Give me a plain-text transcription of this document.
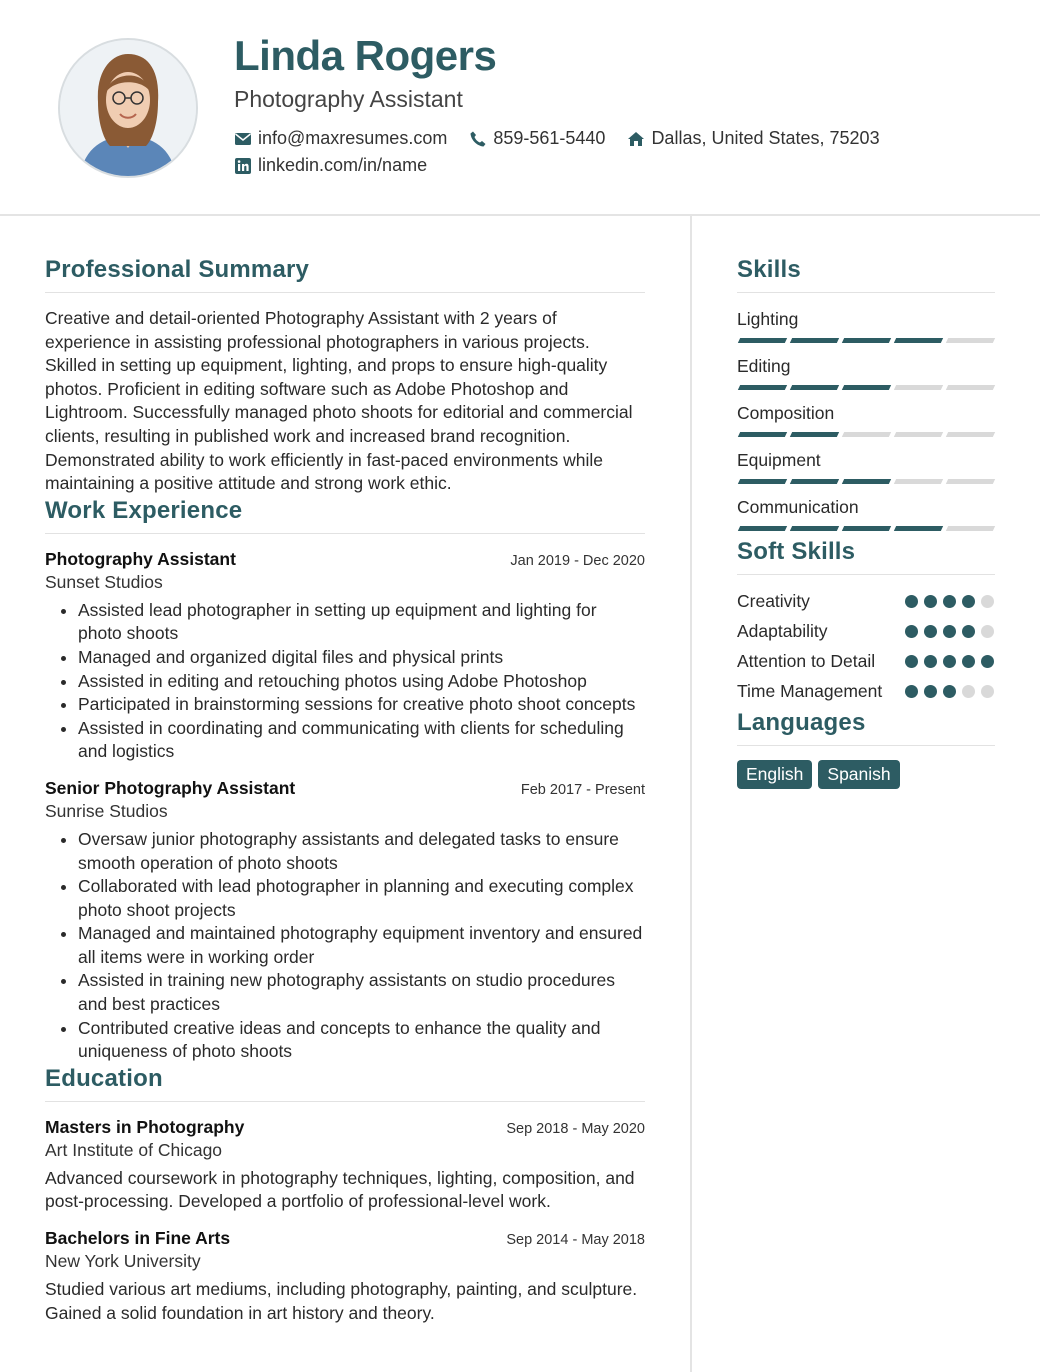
Linda Rogers
Photography Assistant
info@maxresumes.com	859-561-5440	Dallas, United States, 75203
linkedin.com/in/name
Professional Summary

Creative and detail-oriented Photography Assistant with 2 years of experience in assisting professional photographers in various projects. Skilled in setting up equipment, lighting, and props to ensure high-quality photos. Proficient in editing software such as Adobe Photoshop and Lightroom. Successfully managed photo shoots for editorial and commercial clients, resulting in published work and increased brand recognition. Demonstrated ability to work efficiently in fast-paced environments while maintaining a positive attitude and strong work ethic.

Work Experience
Photography Assistant	Jan 2019 - Dec 2020
Sunset Studios
• Assisted lead photographer in setting up equipment and lighting for photo shoots
• Managed and organized digital files and physical prints
• Assisted in editing and retouching photos using Adobe Photoshop
• Participated in brainstorming sessions for creative photo shoot concepts
• Assisted in coordinating and communicating with clients for scheduling and logistics
Senior Photography Assistant	Feb 2017 - Present
Sunrise Studios
• Oversaw junior photography assistants and delegated tasks to ensure smooth operation of photo shoots
• Collaborated with lead photographer in planning and executing complex photo shoot projects
• Managed and maintained photography equipment inventory and ensured all items were in working order
• Assisted in training new photography assistants on studio procedures and best practices
• Contributed creative ideas and concepts to enhance the quality and uniqueness of photo shoots
Education
Masters in Photography	Sep 2018 - May 2020
Art Institute of Chicago
Advanced coursework in photography techniques, lighting, composition, and post-processing. Developed a portfolio of professional-level work.
Bachelors in Fine Arts	Sep 2014 - May 2018
New York University
Studied various art mediums, including photography, painting, and sculpture. Gained a solid foundation in art history and theory.
Skills
Lighting
Editing
Composition
Equipment
Communication
Soft Skills
Creativity
Adaptability
Attention to Detail
Time Management
Languages
English	Spanish
